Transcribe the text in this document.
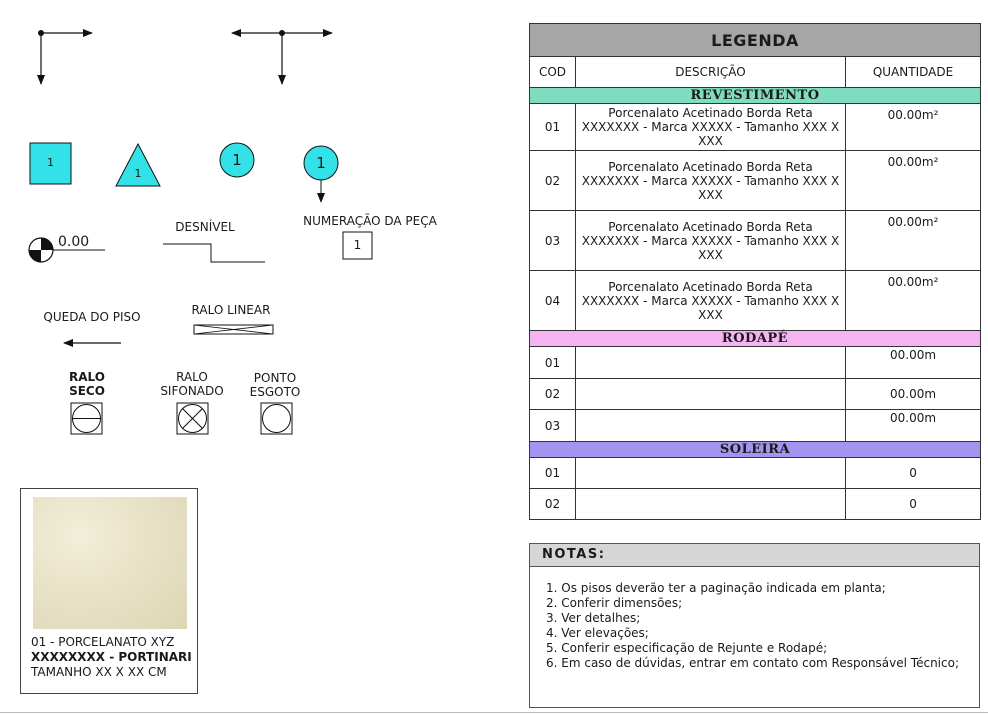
1
1
1	1
1
0.00
DESNÍVEL	NUMERAÇÃO DA PEÇA
QUEDA DO PISO	RALO LINEAR
RALO
SECO
RALO
SIFONADO
PONTO
ESGOTO
01 - PORCELANATO XYZ
XXXXXXXX - PORTINARI
TAMANHO XX X XX CM
LEGENDA		
COD	DESCRIÇÃO	QUANTIDADE
REVESTIMENTO		
01	Porcenalato Acetinado Borda Reta XXXXXXX - Marca XXXXX - Tamanho XXX X XXX	00.00m²
02	Porcenalato Acetinado Borda Reta XXXXXXX - Marca XXXXX - Tamanho XXX X XXX	00.00m²
03	Porcenalato Acetinado Borda Reta XXXXXXX - Marca XXXXX - Tamanho XXX X XXX	00.00m²
04	Porcenalato Acetinado Borda Reta XXXXXXX - Marca XXXXX - Tamanho XXX X XXX	00.00m²
RODAPÉ		
01		00.00m
02		00.00m
03		00.00m
SOLEIRA		
01		0
02		0
NOTAS:
1. Os pisos deverão ter a paginação indicada em planta;
2. Conferir dimensões;
3. Ver detalhes;
4. Ver elevações;
5. Conferir especificação de Rejunte e Rodapé;
6. Em caso de dúvidas, entrar em contato com Responsável Técnico;
